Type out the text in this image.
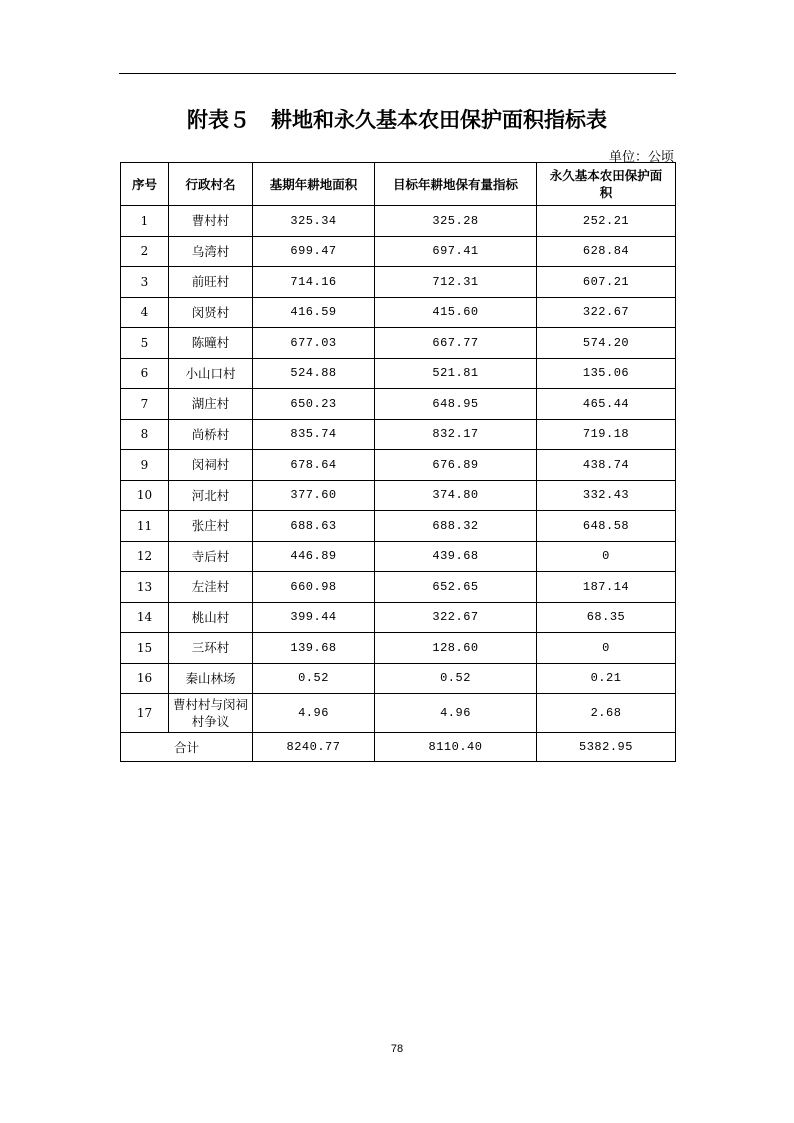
附表５　耕地和永久基本农田保护面积指标表
单位：公顷
序号	行政村名	基期年耕地面积	目标年耕地保有量指标	永久基本农田保护面积
1	曹村村	325.34	325.28	252.21
2	乌湾村	699.47	697.41	628.84
3	前旺村	714.16	712.31	607.21
4	闵贤村	416.59	415.60	322.67
5	陈曈村	677.03	667.77	574.20
6	小山口村	524.88	521.81	135.06
7	湖庄村	650.23	648.95	465.44
8	尚桥村	835.74	832.17	719.18
9	闵祠村	678.64	676.89	438.74
10	河北村	377.60	374.80	332.43
11	张庄村	688.63	688.32	648.58
12	寺后村	446.89	439.68	0
13	左洼村	660.98	652.65	187.14
14	桃山村	399.44	322.67	68.35
15	三环村	139.68	128.60	0
16	秦山林场	0.52	0.52	0.21
17	曹村村与闵祠村争议	4.96	4.96	2.68
合计		8240.77	8110.40	5382.95
78
